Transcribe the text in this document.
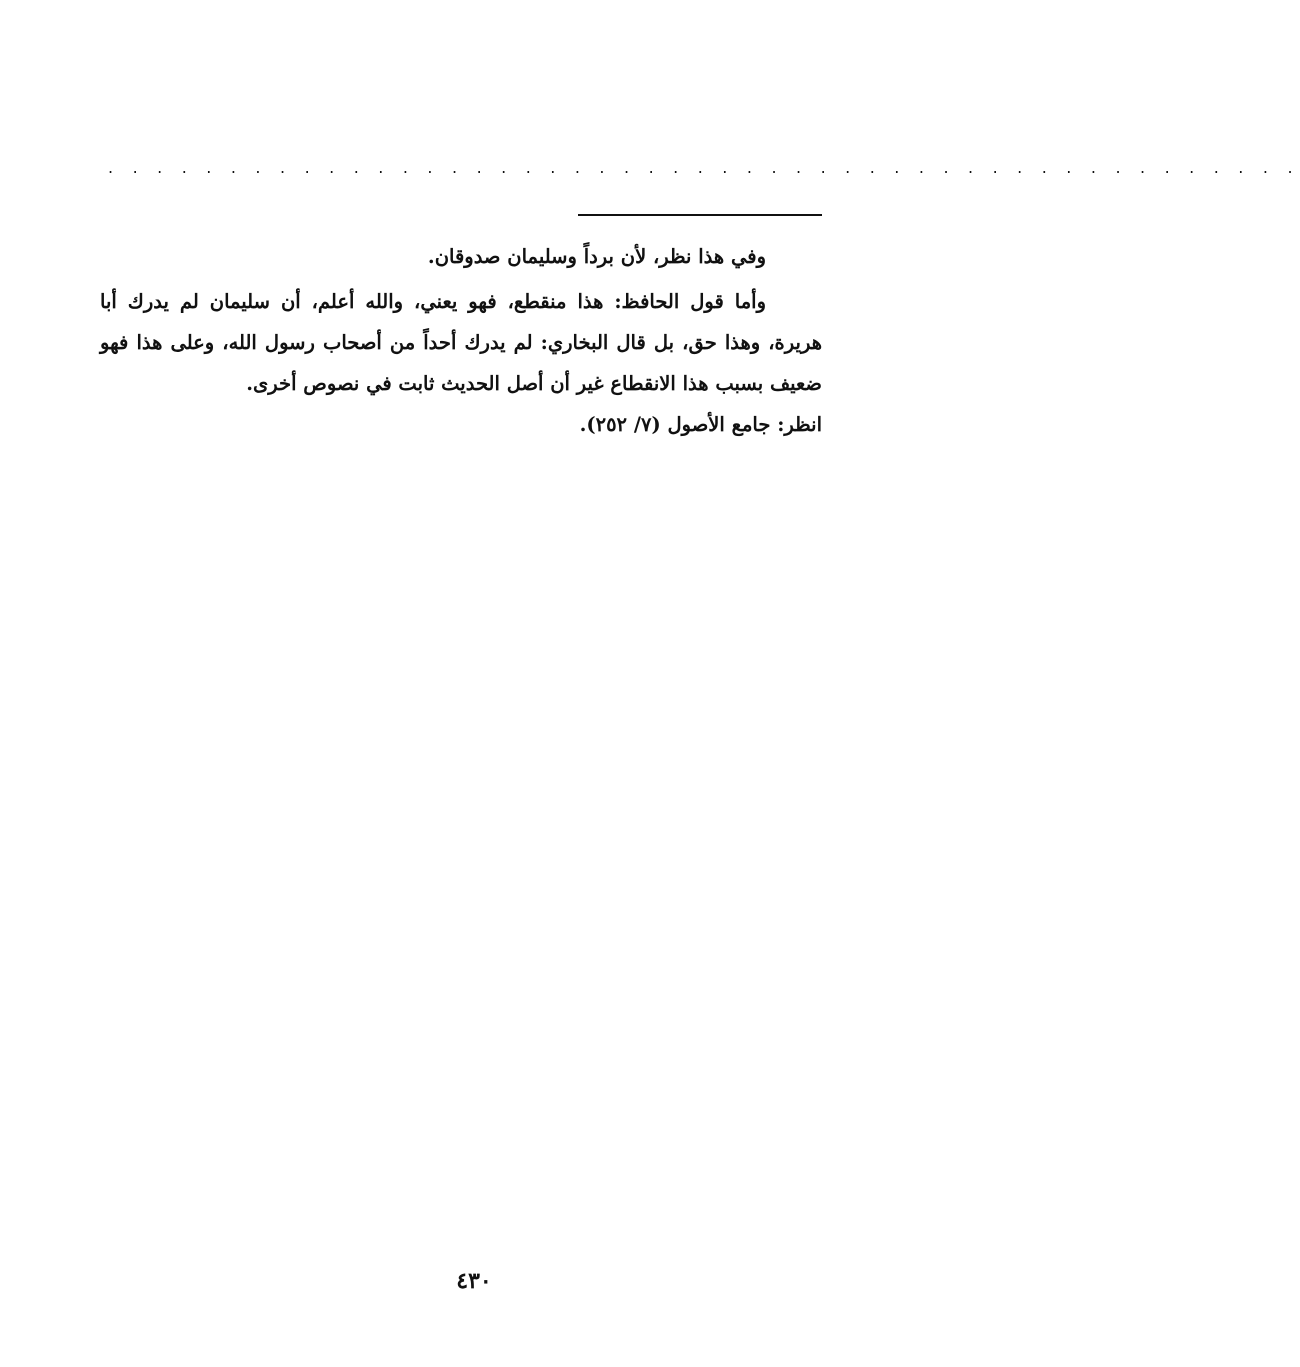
. . . . . . . . . . . . . . . . . . . . . . . . . . . . . . . . . . . . . . . . . . . . . . . . .

وفي هذا نظر، لأن برداً وسليمان صدوقان.

وأما قول الحافظ: هذا منقطع، فهو يعني، والله أعلم، أن سليمان لم يدرك أبا هريرة، وهذا حق، بل قال البخاري: لم يدرك أحداً من أصحاب رسول الله، وعلى هذا فهو ضعيف بسبب هذا الانقطاع غير أن أصل الحديث ثابت في نصوص أخرى.

انظر: جامع الأصول (٧/ ٢٥٢).

٤٣٠
